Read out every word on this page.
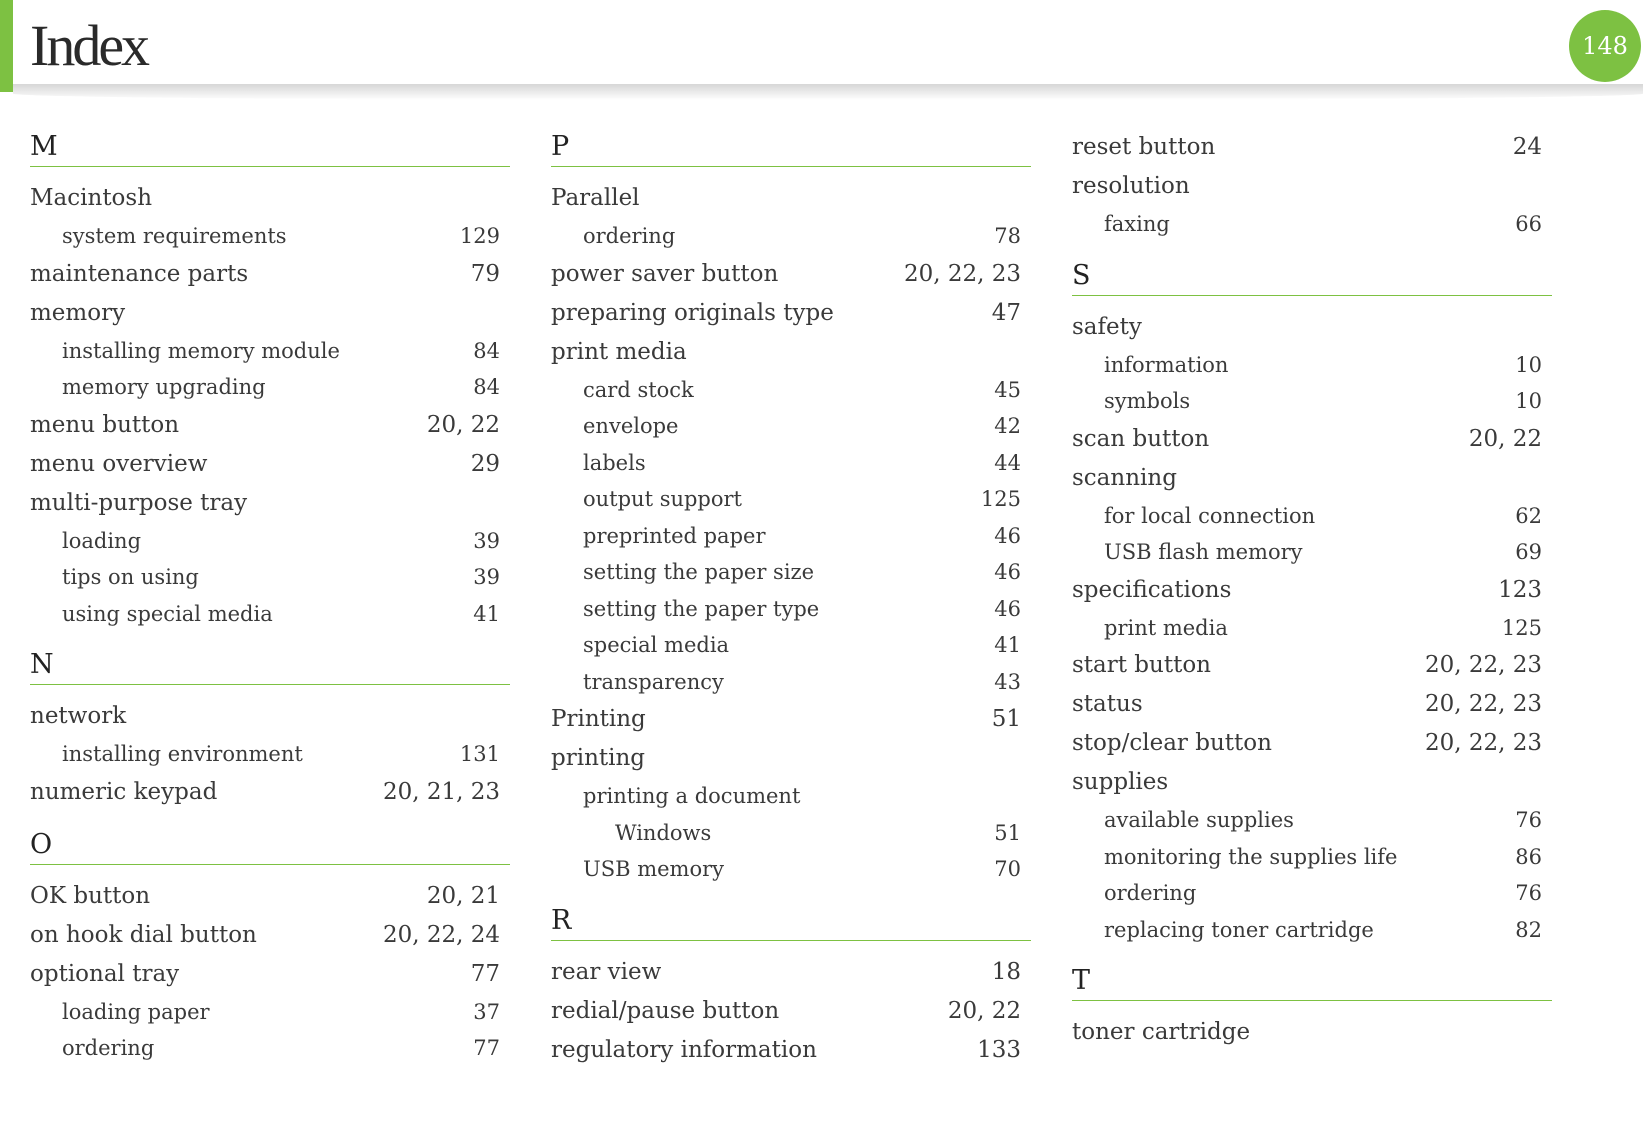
Index	148
M
Macintosh
system requirements	129
maintenance parts	79
memory
installing memory module	84
memory upgrading	84
menu button	20, 22
menu overview	29
multi-purpose tray
loading	39
tips on using	39
using special media	41
N
network
installing environment	131
numeric keypad	20, 21, 23
O
OK button	20, 21
on hook dial button	20, 22, 24
optional tray	77
loading paper	37
ordering	77
P
Parallel
ordering	78
power saver button	20, 22, 23
preparing originals type	47
print media
card stock	45
envelope	42
labels	44
output support	125
preprinted paper	46
setting the paper size	46
setting the paper type	46
special media	41
transparency	43
Printing	51
printing
printing a document
Windows	51
USB memory	70
R
rear view	18
redial/pause button	20, 22
regulatory information	133
reset button	24
resolution
faxing	66
S
safety
information	10
symbols	10
scan button	20, 22
scanning
for local connection	62
USB flash memory	69
specifications	123
print media	125
start button	20, 22, 23
status	20, 22, 23
stop/clear button	20, 22, 23
supplies
available supplies	76
monitoring the supplies life	86
ordering	76
replacing toner cartridge	82
T
toner cartridge
